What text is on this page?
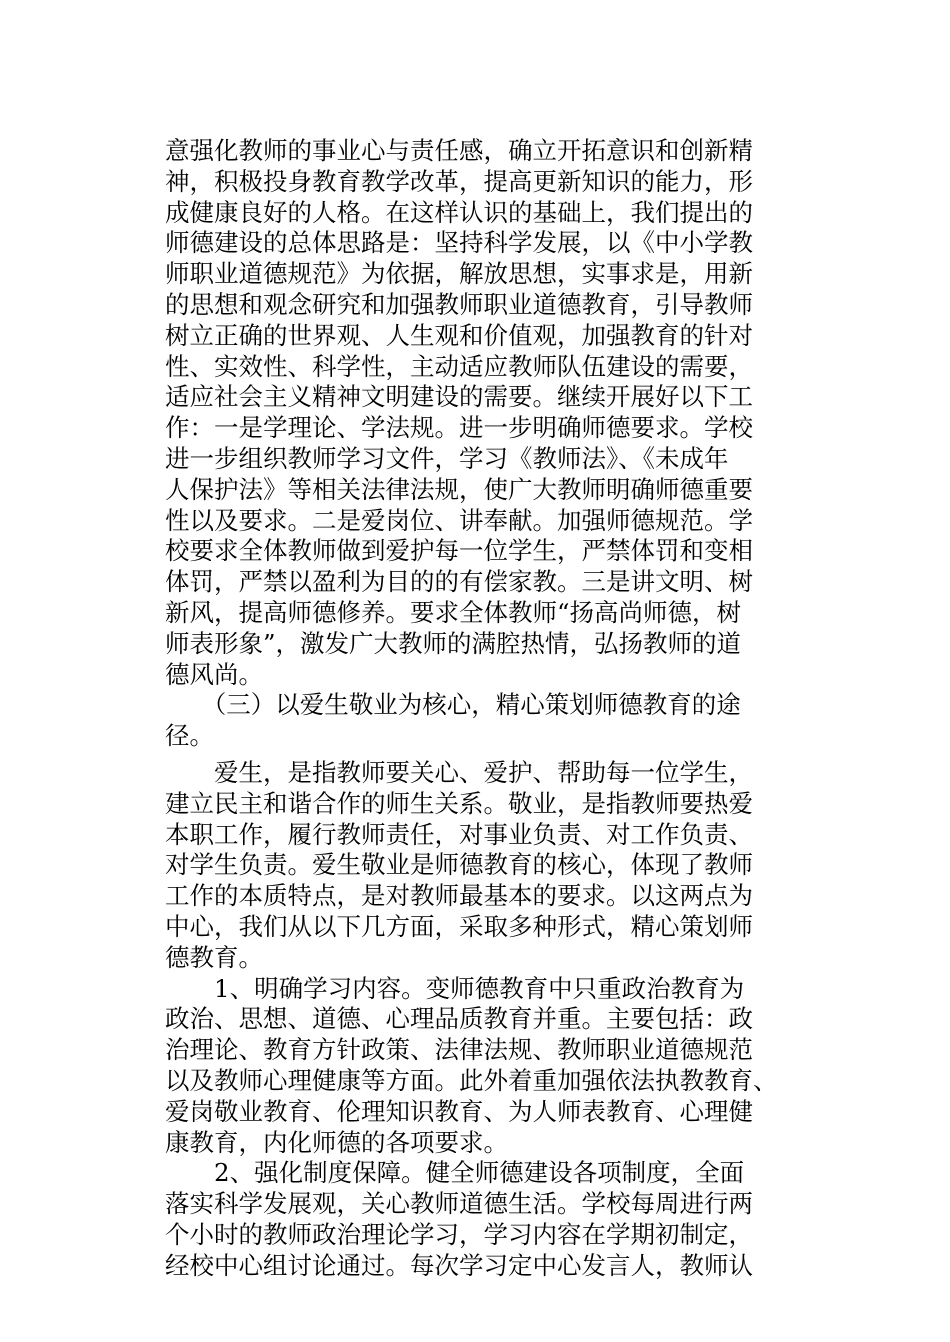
意强化教师的事业心与责任感，确立开拓意识和创新精
神，积极投身教育教学改革，提高更新知识的能力，形
成健康良好的人格。在这样认识的基础上，我们提出的
师德建设的总体思路是：坚持科学发展，以《中小学教
师职业道德规范》为依据，解放思想，实事求是，用新
的思想和观念研究和加强教师职业道德教育，引导教师
树立正确的世界观、人生观和价值观，加强教育的针对
性、实效性、科学性，主动适应教师队伍建设的需要，
适应社会主义精神文明建设的需要。继续开展好以下工
作：一是学理论、学法规。进一步明确师德要求。学校
进一步组织教师学习文件，学习《教师法》、《未成年
人保护法》等相关法律法规，使广大教师明确师德重要
性以及要求。二是爱岗位、讲奉献。加强师德规范。学
校要求全体教师做到爱护每一位学生，严禁体罚和变相
体罚，严禁以盈利为目的的有偿家教。三是讲文明、树
新风，提高师德修养。要求全体教师“扬高尚师德，树
师表形象”，激发广大教师的满腔热情，弘扬教师的道
德风尚。
　　（三）以爱生敬业为核心，精心策划师德教育的途
径。
　　爱生，是指教师要关心、爱护、帮助每一位学生，
建立民主和谐合作的师生关系。敬业，是指教师要热爱
本职工作，履行教师责任，对事业负责、对工作负责、
对学生负责。爱生敬业是师德教育的核心，体现了教师
工作的本质特点，是对教师最基本的要求。以这两点为
中心，我们从以下几方面，采取多种形式，精心策划师
德教育。
　　1、明确学习内容。变师德教育中只重政治教育为
政治、思想、道德、心理品质教育并重。主要包括：政
治理论、教育方针政策、法律法规、教师职业道德规范
以及教师心理健康等方面。此外着重加强依法执教教育、
爱岗敬业教育、伦理知识教育、为人师表教育、心理健
康教育，内化师德的各项要求。
　　2、强化制度保障。健全师德建设各项制度，全面
落实科学发展观，关心教师道德生活。学校每周进行两
个小时的教师政治理论学习，学习内容在学期初制定，
经校中心组讨论通过。每次学习定中心发言人，教师认
